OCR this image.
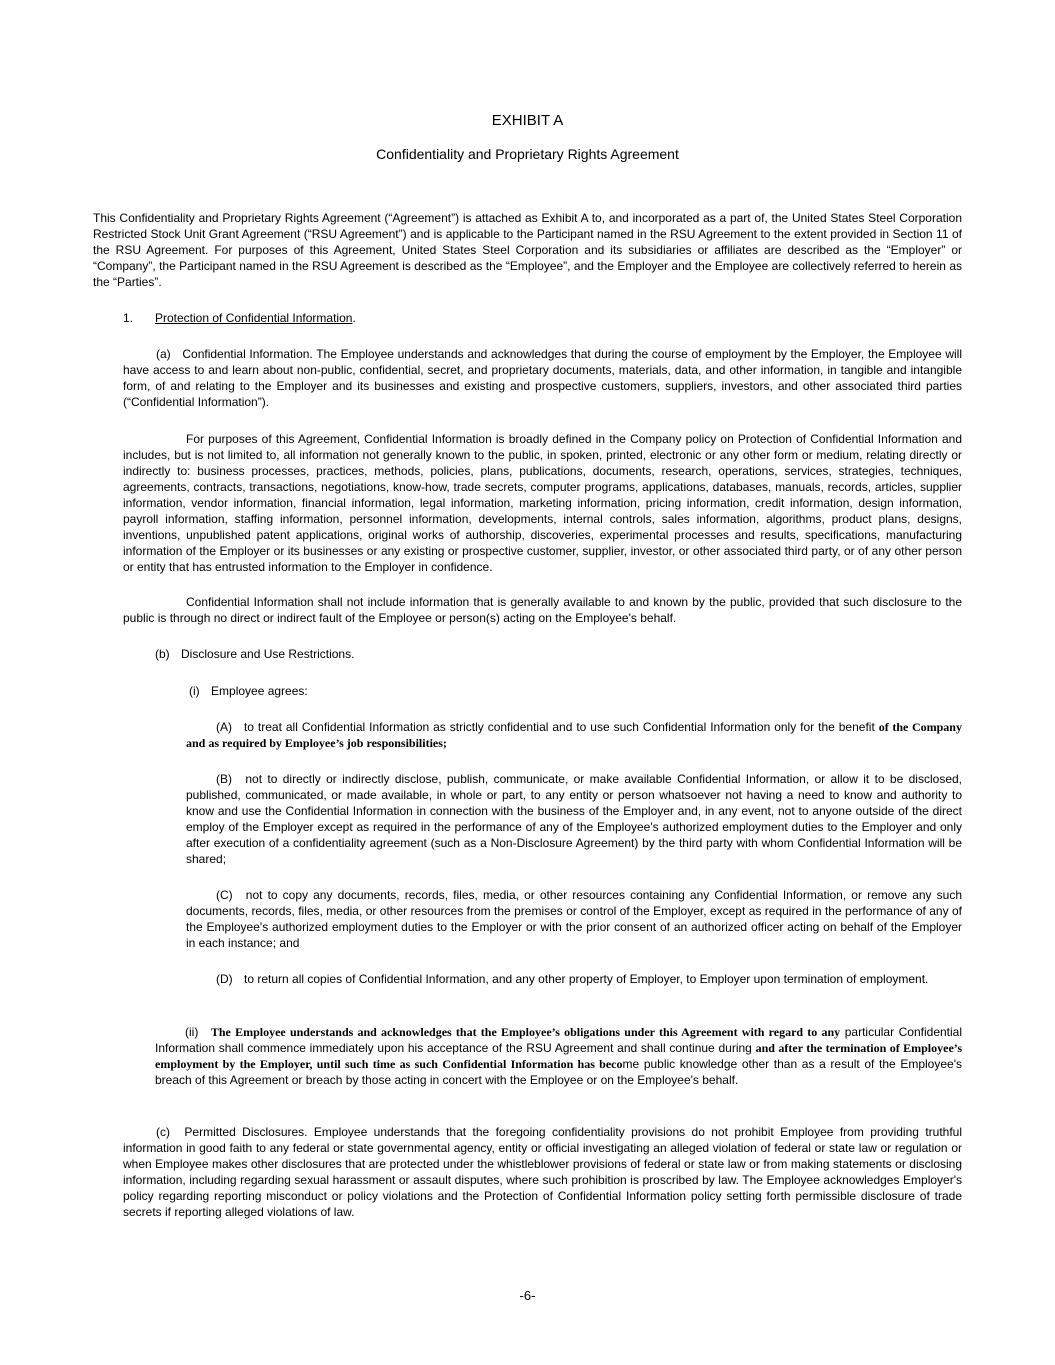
EXHIBIT A
Confidentiality and Proprietary Rights Agreement
This Confidentiality and Proprietary Rights Agreement (“Agreement”) is attached as Exhibit A to, and incorporated as a part of, the United States Steel Corporation Restricted Stock Unit Grant Agreement (“RSU Agreement”) and is applicable to the Participant named in the RSU Agreement to the extent provided in Section 11 of the RSU Agreement. For purposes of this Agreement, United States Steel Corporation and its subsidiaries or affiliates are described as the “Employer” or “Company”, the Participant named in the RSU Agreement is described as the “Employee”, and the Employer and the Employee are collectively referred to herein as the “Parties”.
1. Protection of Confidential Information.
(a) Confidential Information. The Employee understands and acknowledges that during the course of employment by the Employer, the Employee will have access to and learn about non-public, confidential, secret, and proprietary documents, materials, data, and other information, in tangible and intangible form, of and relating to the Employer and its businesses and existing and prospective customers, suppliers, investors, and other associated third parties (“Confidential Information”).
For purposes of this Agreement, Confidential Information is broadly defined in the Company policy on Protection of Confidential Information and includes, but is not limited to, all information not generally known to the public, in spoken, printed, electronic or any other form or medium, relating directly or indirectly to: business processes, practices, methods, policies, plans, publications, documents, research, operations, services, strategies, techniques, agreements, contracts, transactions, negotiations, know-how, trade secrets, computer programs, applications, databases, manuals, records, articles, supplier information, vendor information, financial information, legal information, marketing information, pricing information, credit information, design information, payroll information, staffing information, personnel information, developments, internal controls, sales information, algorithms, product plans, designs, inventions, unpublished patent applications, original works of authorship, discoveries, experimental processes and results, specifications, manufacturing information of the Employer or its businesses or any existing or prospective customer, supplier, investor, or other associated third party, or of any other person or entity that has entrusted information to the Employer in confidence.
Confidential Information shall not include information that is generally available to and known by the public, provided that such disclosure to the public is through no direct or indirect fault of the Employee or person(s) acting on the Employee's behalf.
(b) Disclosure and Use Restrictions.
(i) Employee agrees:
(A) to treat all Confidential Information as strictly confidential and to use such Confidential Information only for the benefit of the Company and as required by Employee’s job responsibilities;
(B) not to directly or indirectly disclose, publish, communicate, or make available Confidential Information, or allow it to be disclosed, published, communicated, or made available, in whole or part, to any entity or person whatsoever not having a need to know and authority to know and use the Confidential Information in connection with the business of the Employer and, in any event, not to anyone outside of the direct employ of the Employer except as required in the performance of any of the Employee's authorized employment duties to the Employer and only after execution of a confidentiality agreement (such as a Non-Disclosure Agreement) by the third party with whom Confidential Information will be shared;
(C) not to copy any documents, records, files, media, or other resources containing any Confidential Information, or remove any such documents, records, files, media, or other resources from the premises or control of the Employer, except as required in the performance of any of the Employee's authorized employment duties to the Employer or with the prior consent of an authorized officer acting on behalf of the Employer in each instance; and
(D) to return all copies of Confidential Information, and any other property of Employer, to Employer upon termination of employment.
(ii) The Employee understands and acknowledges that the Employee’s obligations under this Agreement with regard to any particular Confidential Information shall commence immediately upon his acceptance of the RSU Agreement and shall continue during and after the termination of Employee’s employment by the Employer, until such time as such Confidential Information has become public knowledge other than as a result of the Employee's breach of this Agreement or breach by those acting in concert with the Employee or on the Employee's behalf.
(c) Permitted Disclosures. Employee understands that the foregoing confidentiality provisions do not prohibit Employee from providing truthful information in good faith to any federal or state governmental agency, entity or official investigating an alleged violation of federal or state law or regulation or when Employee makes other disclosures that are protected under the whistleblower provisions of federal or state law or from making statements or disclosing information, including regarding sexual harassment or assault disputes, where such prohibition is proscribed by law. The Employee acknowledges Employer's policy regarding reporting misconduct or policy violations and the Protection of Confidential Information policy setting forth permissible disclosure of trade secrets if reporting alleged violations of law.
-6-
